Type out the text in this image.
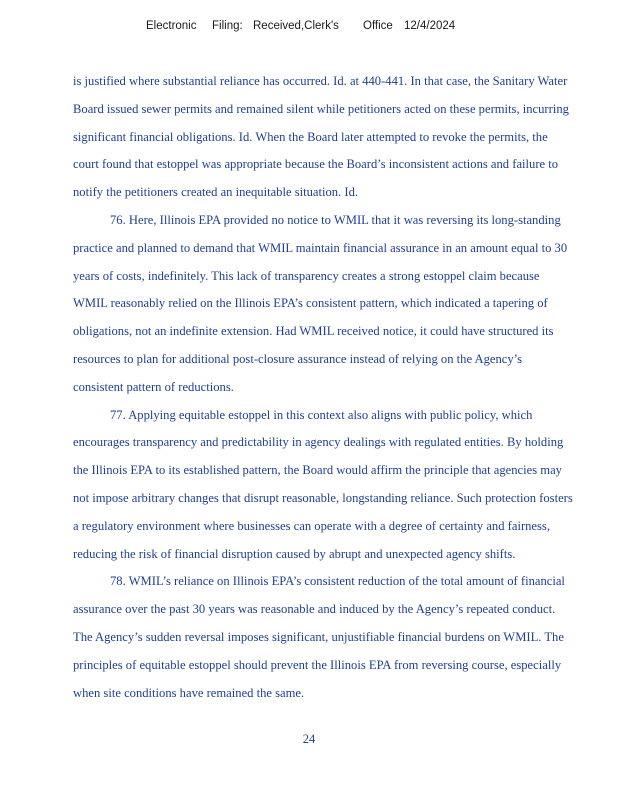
Electronic Filing: Received,Clerk's Office 12/4/2024
is justified where substantial reliance has occurred. Id. at 440-441. In that case, the Sanitary Water
Board issued sewer permits and remained silent while petitioners acted on these permits, incurring
significant financial obligations. Id. When the Board later attempted to revoke the permits, the
court found that estoppel was appropriate because the Board’s inconsistent actions and failure to
notify the petitioners created an inequitable situation. Id.
76. Here, Illinois EPA provided no notice to WMIL that it was reversing its long-standing
practice and planned to demand that WMIL maintain financial assurance in an amount equal to 30
years of costs, indefinitely. This lack of transparency creates a strong estoppel claim because
WMIL reasonably relied on the Illinois EPA’s consistent pattern, which indicated a tapering of
obligations, not an indefinite extension. Had WMIL received notice, it could have structured its
resources to plan for additional post-closure assurance instead of relying on the Agency’s
consistent pattern of reductions.
77. Applying equitable estoppel in this context also aligns with public policy, which
encourages transparency and predictability in agency dealings with regulated entities. By holding
the Illinois EPA to its established pattern, the Board would affirm the principle that agencies may
not impose arbitrary changes that disrupt reasonable, longstanding reliance. Such protection fosters
a regulatory environment where businesses can operate with a degree of certainty and fairness,
reducing the risk of financial disruption caused by abrupt and unexpected agency shifts.
78. WMIL’s reliance on Illinois EPA’s consistent reduction of the total amount of financial
assurance over the past 30 years was reasonable and induced by the Agency’s repeated conduct.
The Agency’s sudden reversal imposes significant, unjustifiable financial burdens on WMIL. The
principles of equitable estoppel should prevent the Illinois EPA from reversing course, especially
when site conditions have remained the same.
24
